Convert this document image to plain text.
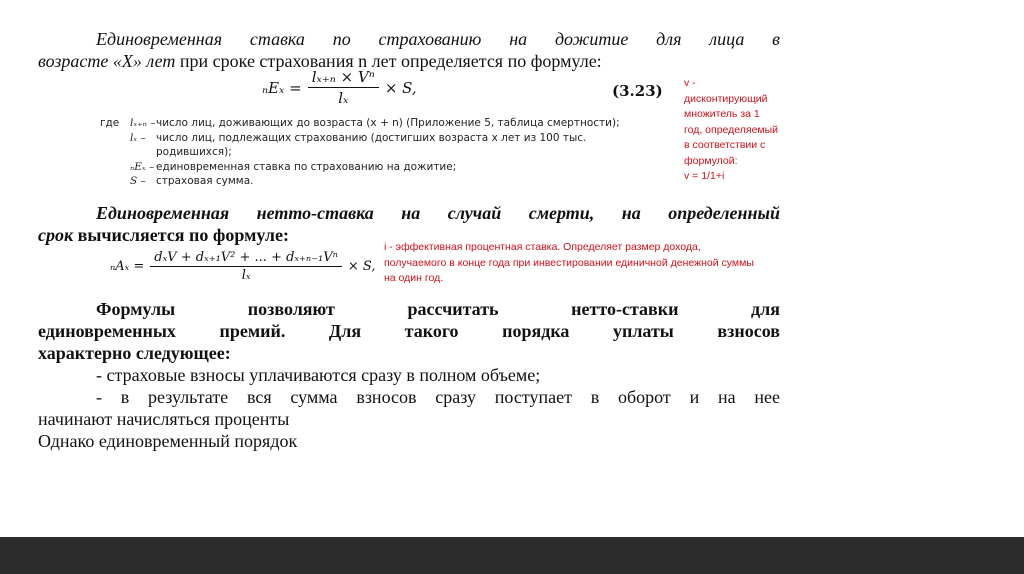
Единовременная ставка по страхованию на дожитие для лица в

возрасте «X» лет при сроке страхования n лет определяется по формуле:

$_nE_x = \frac{\text{lₓ₊ₙ × Vⁿ}}{\text{lₓ}} \times S$,	(3.23)
где	lₓ₊ₙ – число лиц, доживающих до возраста (x + n) (Приложение 5, таблица смертности);
lₓ – число лиц, подлежащих страхованию (достигших возраста x лет из 100 тыс. родившихся);
ₙEₓ – единовременная ставка по страхованию на дожитие;
S – страховая сумма.
v -
дисконтирующий
множитель за 1
год, определяемый
в соответствии с
формулой:
v = 1/1+i

Единовременная нетто-ставка на случай смерти, на определенный

срок вычисляется по формуле:

$_nA_x = \frac{\text{dₓV + dₓ₊₁V² + ... + dₓ₊ₙ₋₁Vⁿ}}{\text{lₓ}} \times S$,
i - эффективная процентная ставка. Определяет размер дохода,
получаемого в конце года при инвестировании единичной денежной суммы
на один год.

Формулы позволяют рассчитать нетто-ставки для

единовременных премий. Для такого порядка уплаты взносов

характерно следующее:

- страховые взносы уплачиваются сразу в полном объеме;

- в результате вся сумма взносов сразу поступает в оборот и на нее

начинают начисляться проценты

Однако единовременный порядок
